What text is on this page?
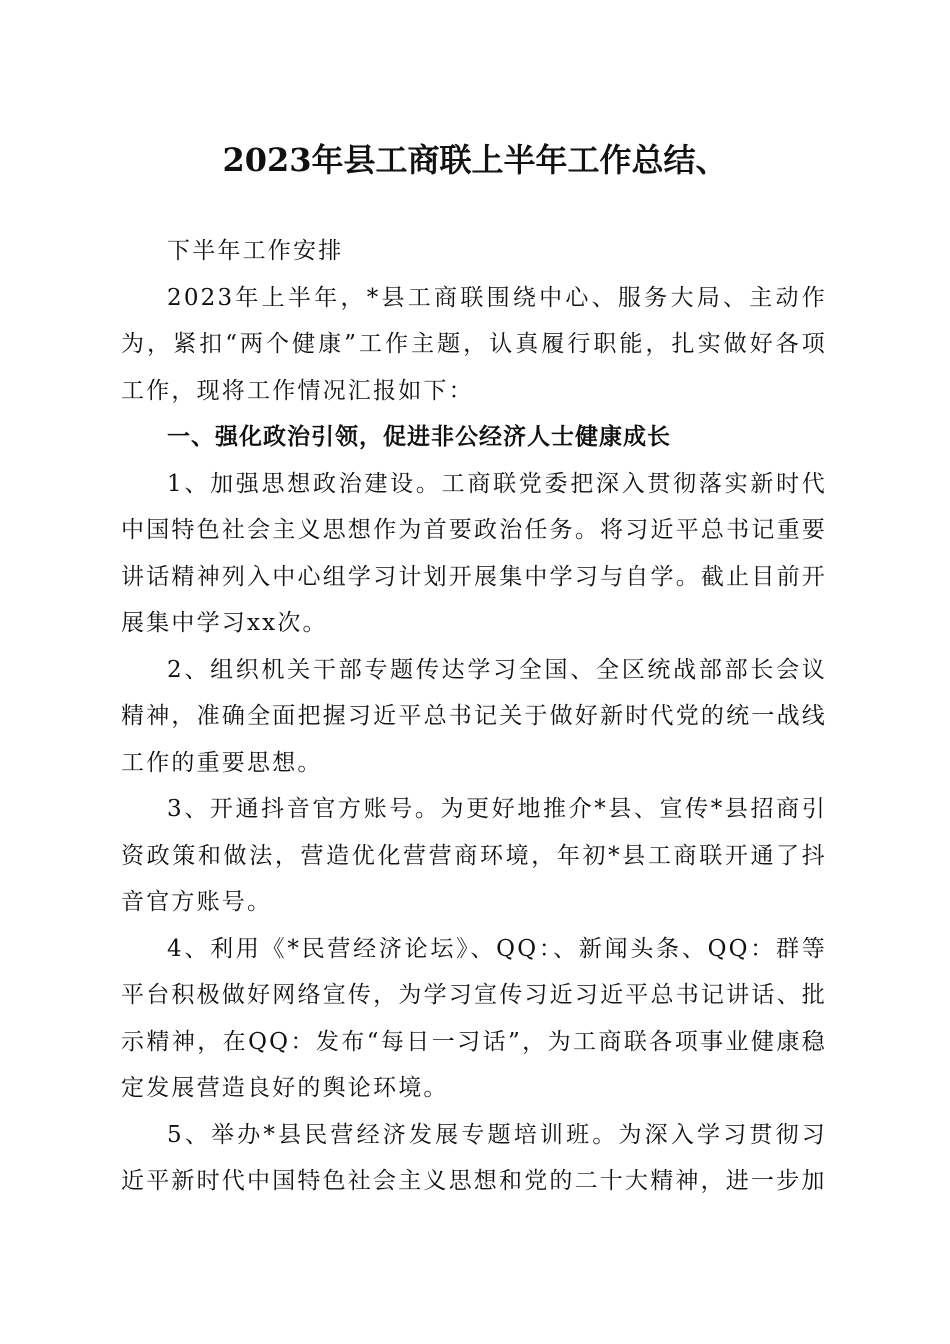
2023年县工商联上半年工作总结、

下半年工作安排

2023年上半年，*县工商联围绕中心、服务大局、主动作为，紧扣“两个健康”工作主题，认真履行职能，扎实做好各项工作，现将工作情况汇报如下：

一、强化政治引领，促进非公经济人士健康成长

1、加强思想政治建设。工商联党委把深入贯彻落实新时代中国特色社会主义思想作为首要政治任务。将习近平总书记重要讲话精神列入中心组学习计划开展集中学习与自学。截止目前开展集中学习xx次。

2、组织机关干部专题传达学习全国、全区统战部部长会议精神，准确全面把握习近平总书记关于做好新时代党的统一战线工作的重要思想。

3、开通抖音官方账号。为更好地推介*县、宣传*县招商引资政策和做法，营造优化营营商环境，年初*县工商联开通了抖音官方账号。

4、利用《*民营经济论坛》、QQ：、新闻头条、QQ：群等平台积极做好网络宣传，为学习宣传习近习近平总书记讲话、批示精神，在QQ：发布“每日一习话”，为工商联各项事业健康稳定发展营造良好的舆论环境。

5、举办*县民营经济发展专题培训班。为深入学习贯彻习近平新时代中国特色社会主义思想和党的二十大精神，进一步加
